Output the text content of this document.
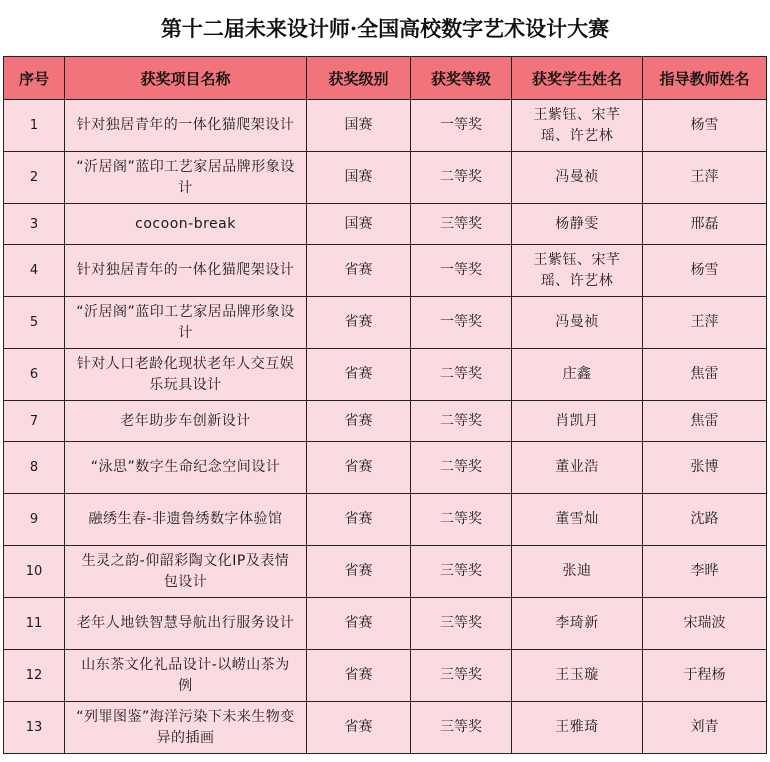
第十二届未来设计师·全国高校数字艺术设计大赛
序号	获奖项目名称	获奖级别	获奖等级	获奖学生姓名	指导教师姓名
1	针对独居青年的一体化猫爬架设计	国赛	一等奖	王紫钰、宋芊瑶、许艺林	杨雪
2	“沂居阁”蓝印工艺家居品牌形象设计	国赛	二等奖	冯曼祯	王萍
3	cocoon-break	国赛	三等奖	杨静雯	邢磊
4	针对独居青年的一体化猫爬架设计	省赛	一等奖	王紫钰、宋芊瑶、许艺林	杨雪
5	“沂居阁”蓝印工艺家居品牌形象设计	省赛	一等奖	冯曼祯	王萍
6	针对人口老龄化现状老年人交互娱乐玩具设计	省赛	二等奖	庄鑫	焦雷
7	老年助步车创新设计	省赛	二等奖	肖凯月	焦雷
8	“泳思”数字生命纪念空间设计	省赛	二等奖	董业浩	张博
9	融绣生春-非遗鲁绣数字体验馆	省赛	二等奖	董雪灿	沈路
10	生灵之韵-仰韶彩陶文化IP及表情包设计	省赛	三等奖	张迪	李晔
11	老年人地铁智慧导航出行服务设计	省赛	三等奖	李琦新	宋瑞波
12	山东茶文化礼品设计-以崂山茶为例	省赛	三等奖	王玉璇	于程杨
13	“列罪图鉴”海洋污染下未来生物变异的插画	省赛	三等奖	王雅琦	刘青
